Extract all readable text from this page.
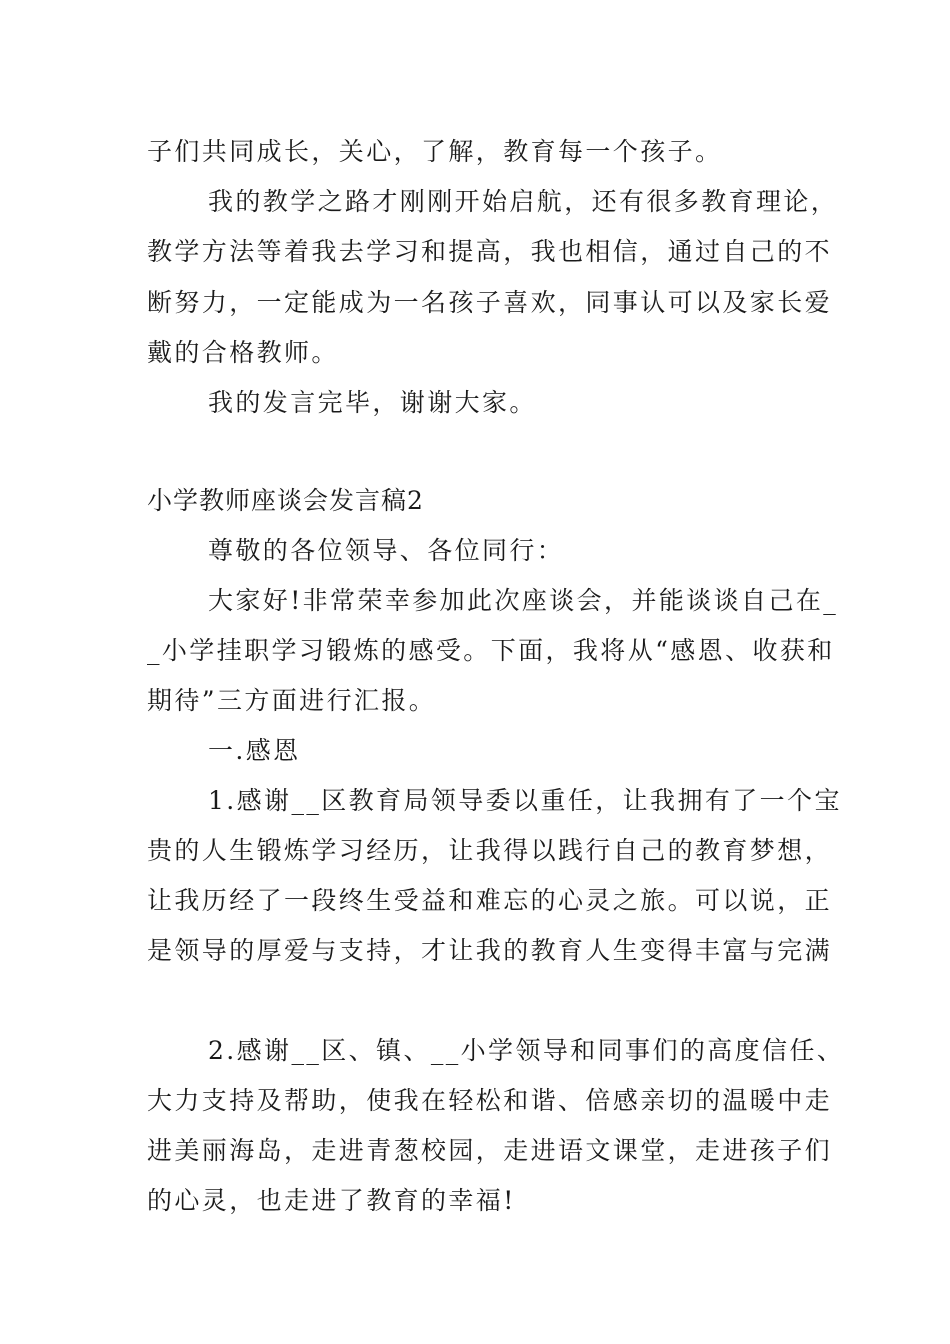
子们共同成长，关心，了解，教育每一个孩子。
我的教学之路才刚刚开始启航，还有很多教育理论，
教学方法等着我去学习和提高，我也相信，通过自己的不
断努力，一定能成为一名孩子喜欢，同事认可以及家长爱
戴的合格教师。
我的发言完毕，谢谢大家。
小学教师座谈会发言稿2
尊敬的各位领导、各位同行：
大家好!非常荣幸参加此次座谈会，并能谈谈自己在_
_小学挂职学习锻炼的感受。下面，我将从“感恩、收获和
期待”三方面进行汇报。
一.感恩
1.感谢__区教育局领导委以重任，让我拥有了一个宝
贵的人生锻炼学习经历，让我得以践行自己的教育梦想，
让我历经了一段终生受益和难忘的心灵之旅。可以说，正
是领导的厚爱与支持，才让我的教育人生变得丰富与完满
2.感谢__区、镇、__小学领导和同事们的高度信任、
大力支持及帮助，使我在轻松和谐、倍感亲切的温暖中走
进美丽海岛，走进青葱校园，走进语文课堂，走进孩子们
的心灵，也走进了教育的幸福!
